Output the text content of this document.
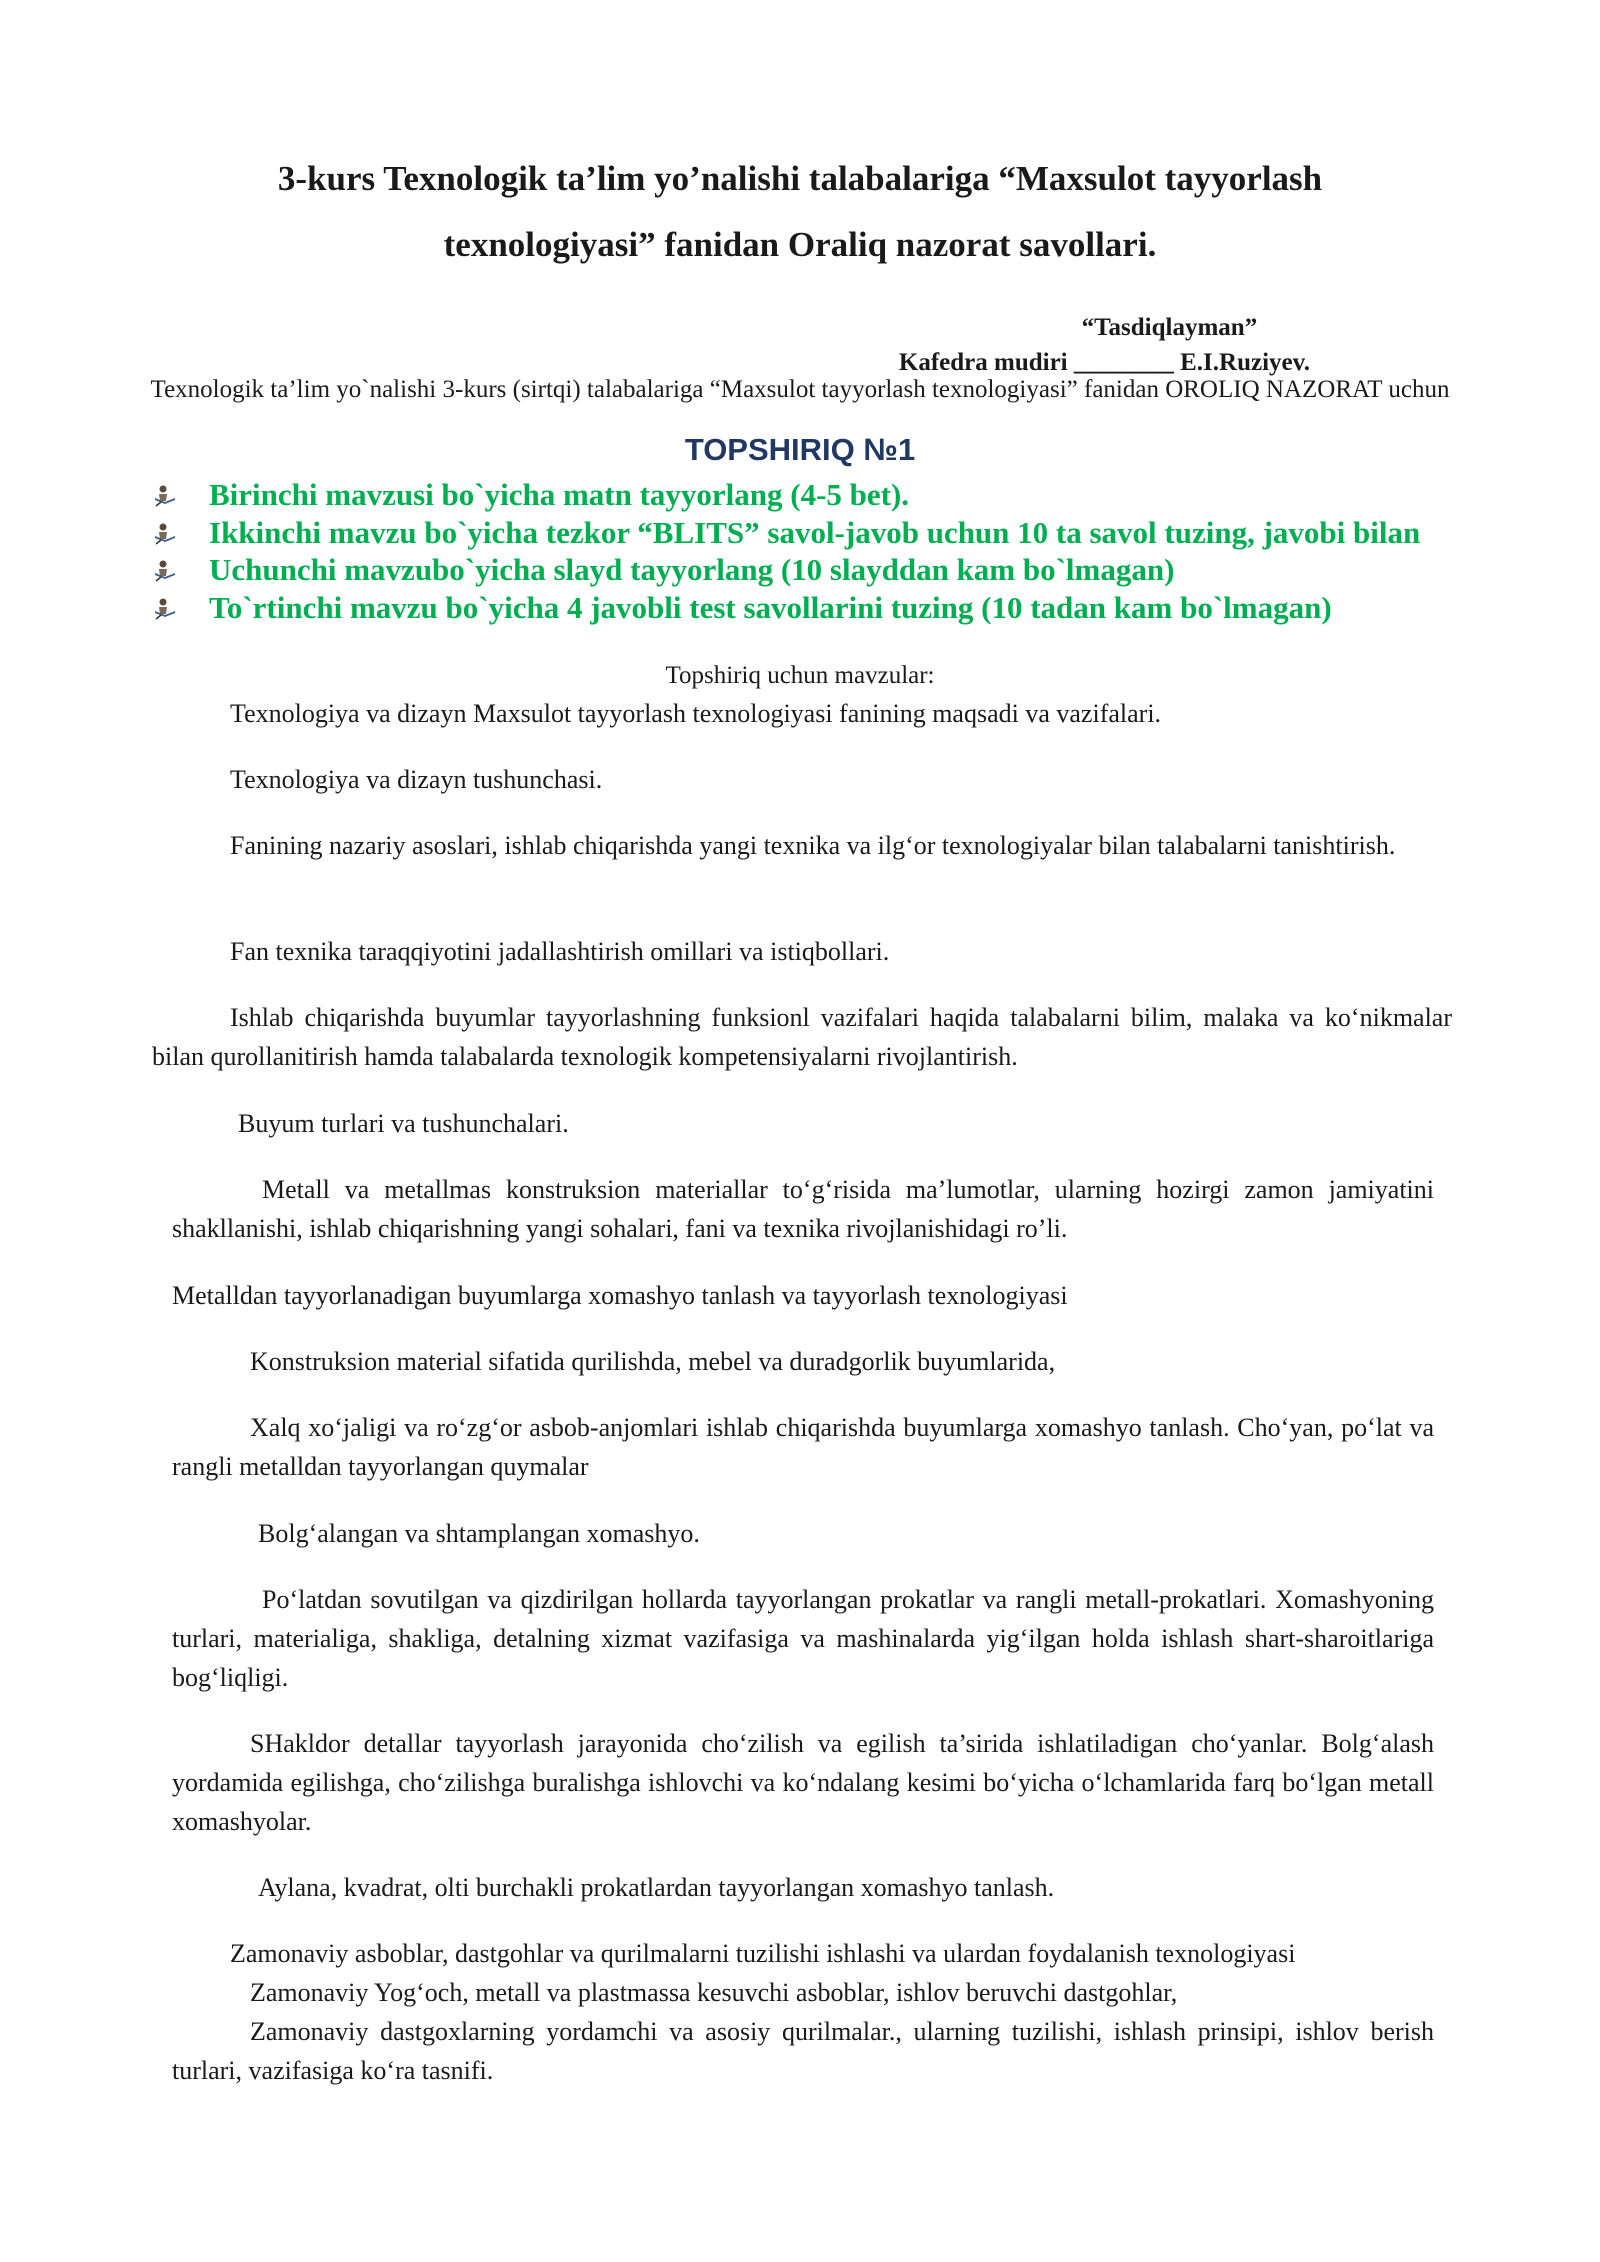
3-kurs Texnologik ta’lim yo’nalishi talabalariga “Maxsulot tayyorlash texnologiyasi” fanidan Oraliq nazorat savollari.
“Tasdiqlayman”
Kafedra mudiri ________ E.I.Ruziyev.
Texnologik ta’lim yo`nalishi 3-kurs (sirtqi) talabalariga “Maxsulot tayyorlash texnologiyasi” fanidan OROLIQ NAZORAT uchun
TOPSHIRIQ №1
Birinchi mavzusi bo`yicha matn tayyorlang (4-5 bet).
Ikkinchi mavzu bo`yicha tezkor “BLITS” savol-javob uchun 10 ta savol tuzing, javobi bilan
Uchunchi mavzubo`yicha slayd tayyorlang (10 slayddan kam bo`lmagan)
To`rtinchi mavzu bo`yicha 4 javobli test savollarini tuzing (10 tadan kam bo`lmagan)
Topshiriq uchun mavzular:
Texnologiya va dizayn Maxsulot tayyorlash texnologiyasi fanining maqsadi va vazifalari.
Texnologiya va dizayn tushunchasi.
Fanining nazariy asoslari, ishlab chiqarishda yangi texnika va ilg‘or texnologiyalar bilan talabalarni tanishtirish.
Fan texnika taraqqiyotini jadallashtirish omillari va istiqbollari.
Ishlab chiqarishda buyumlar tayyorlashning funksionl vazifalari haqida talabalarni bilim, malaka va ko‘nikmalar bilan qurollanitirish hamda talabalarda texnologik kompetensiyalarni rivojlantirish.
Buyum turlari va tushunchalari.
Metall va metallmas konstruksion materiallar to‘g‘risida ma’lumotlar, ularning hozirgi zamon jamiyatini shakllanishi, ishlab chiqarishning yangi sohalari, fani va texnika rivojlanishidagi ro’li.
Metalldan tayyorlanadigan buyumlarga xomashyo tanlash va tayyorlash texnologiyasi
Konstruksion material sifatida qurilishda, mebel va duradgorlik buyumlarida,
Xalq xo‘jaligi va ro‘zg‘or asbob-anjomlari ishlab chiqarishda buyumlarga xomashyo tanlash. Cho‘yan, po‘lat va rangli metalldan tayyorlangan quymalar
Bolg‘alangan va shtamplangan xomashyo.
Po‘latdan sovutilgan va qizdirilgan hollarda tayyorlangan prokatlar va rangli metall-prokatlari. Xomashyoning turlari, materialiga, shakliga, detalning xizmat vazifasiga va mashinalarda yig‘ilgan holda ishlash shart-sharoitlariga bog‘liqligi.
SHakldor detallar tayyorlash jarayonida cho‘zilish va egilish ta’sirida ishlatiladigan cho‘yanlar. Bolg‘alash yordamida egilishga, cho‘zilishga buralishga ishlovchi va ko‘ndalang kesimi bo‘yicha o‘lchamlarida farq bo‘lgan metall xomashyolar.
Aylana, kvadrat, olti burchakli prokatlardan tayyorlangan xomashyo tanlash.
Zamonaviy asboblar, dastgohlar va qurilmalarni tuzilishi ishlashi va ulardan foydalanish texnologiyasi
Zamonaviy Yog‘och, metall va plastmassa kesuvchi asboblar, ishlov beruvchi dastgohlar,
Zamonaviy dastgoxlarning yordamchi va asosiy qurilmalar., ularning tuzilishi, ishlash prinsipi, ishlov berish turlari, vazifasiga ko‘ra tasnifi.
